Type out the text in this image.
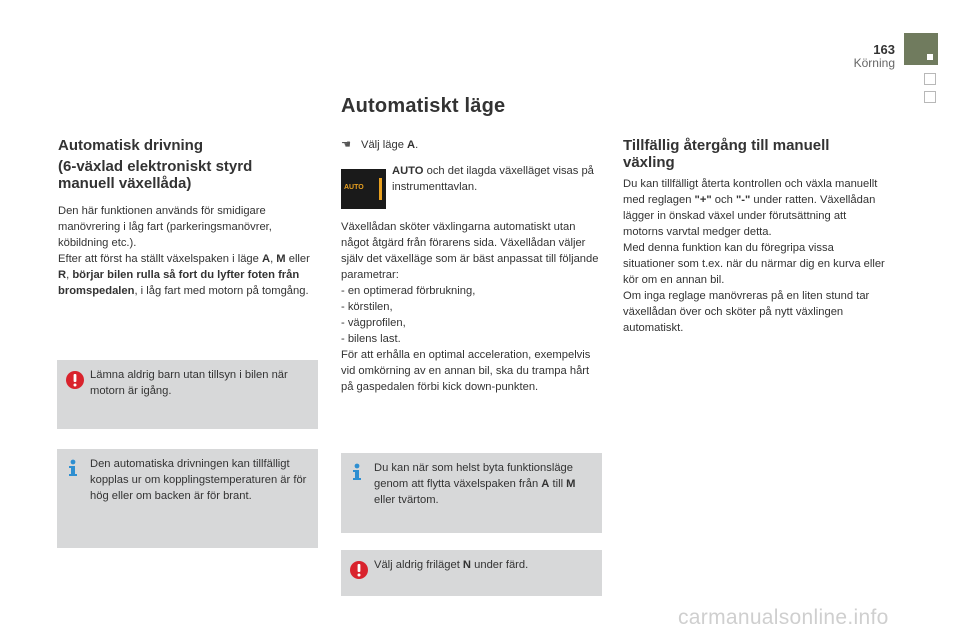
163
Körning
Automatiskt läge
Automatisk drivning
(6-växlad elektroniskt styrd manuell växellåda)
Den här funktionen används för smidigare manövrering i låg fart (parkeringsmanövrer, köbildning etc.).
Efter att först ha ställt växelspaken i läge A, M eller R, börjar bilen rulla så fort du lyfter foten från bromspedalen, i låg fart med motorn på tomgång.
Lämna aldrig barn utan tillsyn i bilen när motorn är igång.
Den automatiska drivningen kan tillfälligt kopplas ur om kopplingstemperaturen är för hög eller om backen är för brant.
☚ Välj läge A.
AUTO
AUTO och det ilagda växelläget visas på instrumenttavlan.
Växellådan sköter växlingarna automatiskt utan något åtgärd från förarens sida. Växellådan väljer själv det växelläge som är bäst anpassat till följande parametrar:
- en optimerad förbrukning,
- körstilen,
- vägprofilen,
- bilens last.
För att erhålla en optimal acceleration, exempelvis vid omkörning av en annan bil, ska du trampa hårt på gaspedalen förbi kick down-punkten.
Du kan när som helst byta funktionsläge genom att flytta växelspaken från A till M eller tvärtom.
Välj aldrig friläget N under färd.
Tillfällig återgång till manuell växling
Du kan tillfälligt återta kontrollen och växla manuellt med reglagen "+" och "-" under ratten. Växellådan lägger in önskad växel under förutsättning att motorns varvtal medger detta.
Med denna funktion kan du föregripa vissa situationer som t.ex. när du närmar dig en kurva eller kör om en annan bil.
Om inga reglage manövreras på en liten stund tar växellådan över och sköter på nytt växlingen automatiskt.
carmanualsonline.info
